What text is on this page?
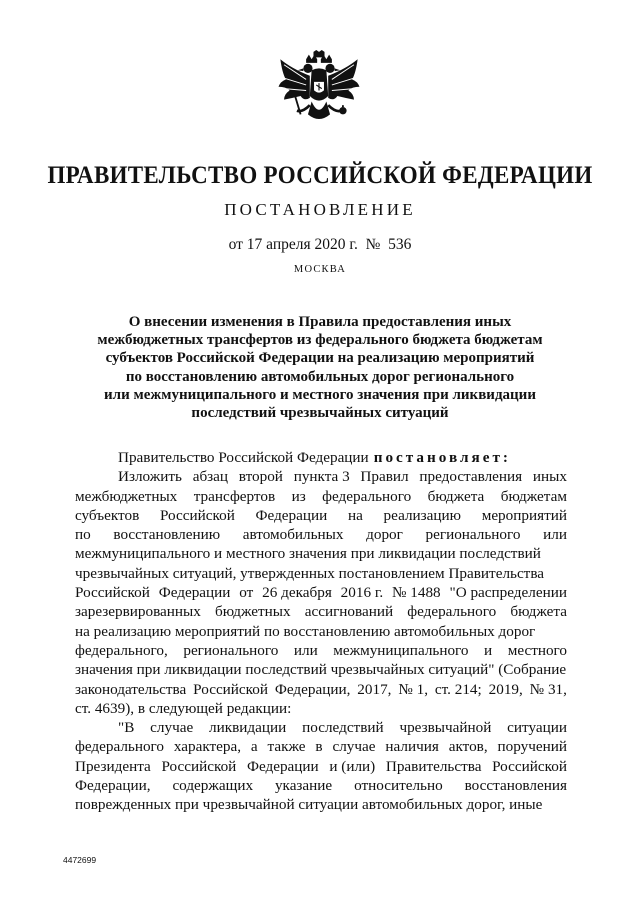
ПРАВИТЕЛЬСТВО РОССИЙСКОЙ ФЕДЕРАЦИИ
ПОСТАНОВЛЕНИЕ
от 17 апреля 2020 г.  №  536
МОСКВА
О внесении изменения в Правила предоставления иных
межбюджетных трансфертов из федерального бюджета бюджетам
субъектов Российской Федерации на реализацию мероприятий
по восстановлению автомобильных дорог регионального
или межмуниципального и местного значения при ликвидации
последствий чрезвычайных ситуаций
Правительство Российской Федерации постановляет:
Изложить абзац второй пункта 3 Правил предоставления иных
межбюджетных трансфертов из федерального бюджета бюджетам
субъектов Российской Федерации на реализацию мероприятий
по восстановлению автомобильных дорог регионального или
межмуниципального и местного значения при ликвидации последствий
чрезвычайных ситуаций, утвержденных постановлением Правительства
Российской Федерации от 26 декабря 2016 г. № 1488 "О распределении
зарезервированных бюджетных ассигнований федерального бюджета
на реализацию мероприятий по восстановлению автомобильных дорог
федерального, регионального или межмуниципального и местного
значения при ликвидации последствий чрезвычайных ситуаций" (Собрание
законодательства Российской Федерации, 2017, № 1, ст. 214; 2019, № 31,
ст. 4639), в следующей редакции:
"В случае ликвидации последствий чрезвычайной ситуации
федерального характера, а также в случае наличия актов, поручений
Президента Российской Федерации и (или) Правительства Российской
Федерации, содержащих указание относительно восстановления
поврежденных при чрезвычайной ситуации автомобильных дорог, иные
4472699
